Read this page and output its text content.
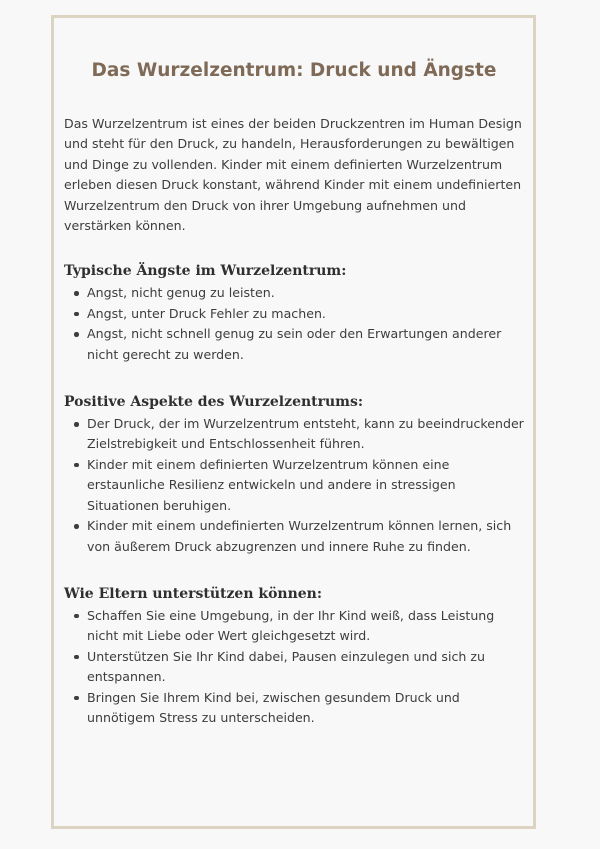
Das Wurzelzentrum: Druck und Ängste

Das Wurzelzentrum ist eines der beiden Druckzentren im Human Design und steht für den Druck, zu handeln, Herausforderungen zu bewältigen und Dinge zu vollenden. Kinder mit einem definierten Wurzelzentrum erleben diesen Druck konstant, während Kinder mit einem undefinierten Wurzelzentrum den Druck von ihrer Umgebung aufnehmen und verstärken können.

Typische Ängste im Wurzelzentrum:
Angst, nicht genug zu leisten.
Angst, unter Druck Fehler zu machen.
Angst, nicht schnell genug zu sein oder den Erwartungen anderer nicht gerecht zu werden.
Positive Aspekte des Wurzelzentrums:
Der Druck, der im Wurzelzentrum entsteht, kann zu beeindruckender Zielstrebigkeit und Entschlossenheit führen.
Kinder mit einem definierten Wurzelzentrum können eine erstaunliche Resilienz entwickeln und andere in stressigen Situationen beruhigen.
Kinder mit einem undefinierten Wurzelzentrum können lernen, sich von äußerem Druck abzugrenzen und innere Ruhe zu finden.
Wie Eltern unterstützen können:
Schaffen Sie eine Umgebung, in der Ihr Kind weiß, dass Leistung nicht mit Liebe oder Wert gleichgesetzt wird.
Unterstützen Sie Ihr Kind dabei, Pausen einzulegen und sich zu entspannen.
Bringen Sie Ihrem Kind bei, zwischen gesundem Druck und unnötigem Stress zu unterscheiden.
